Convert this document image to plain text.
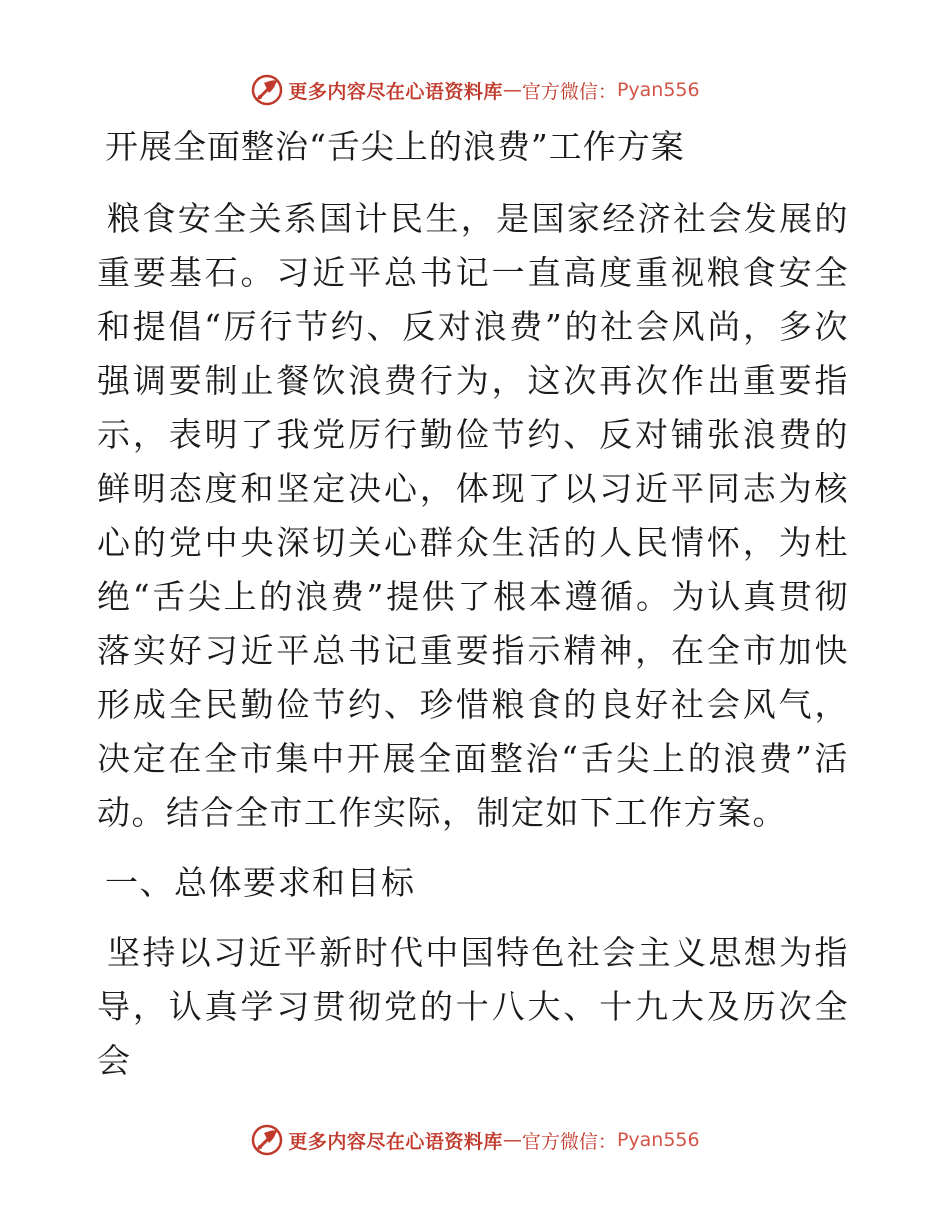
更多内容尽在心语资料库 — 官方微信： Pyan556
开展全面整治“舌尖上的浪费”工作方案

粮食安全关系国计民生，是国家经济社会发展的重要基石。习近平总书记一直高度重视粮食安全和提倡“厉行节约、反对浪费”的社会风尚，多次强调要制止餐饮浪费行为，这次再次作出重要指示，表明了我党厉行勤俭节约、反对铺张浪费的鲜明态度和坚定决心，体现了以习近平同志为核心的党中央深切关心群众生活的人民情怀，为杜绝“舌尖上的浪费”提供了根本遵循。为认真贯彻落实好习近平总书记重要指示精神，在全市加快形成全民勤俭节约、珍惜粮食的良好社会风气，决定在全市集中开展全面整治“舌尖上的浪费”活动。结合全市工作实际，制定如下工作方案。

一、总体要求和目标

坚持以习近平新时代中国特色社会主义思想为指导，认真学习贯彻党的十八大、十九大及历次全会

更多内容尽在心语资料库 — 官方微信： Pyan556
